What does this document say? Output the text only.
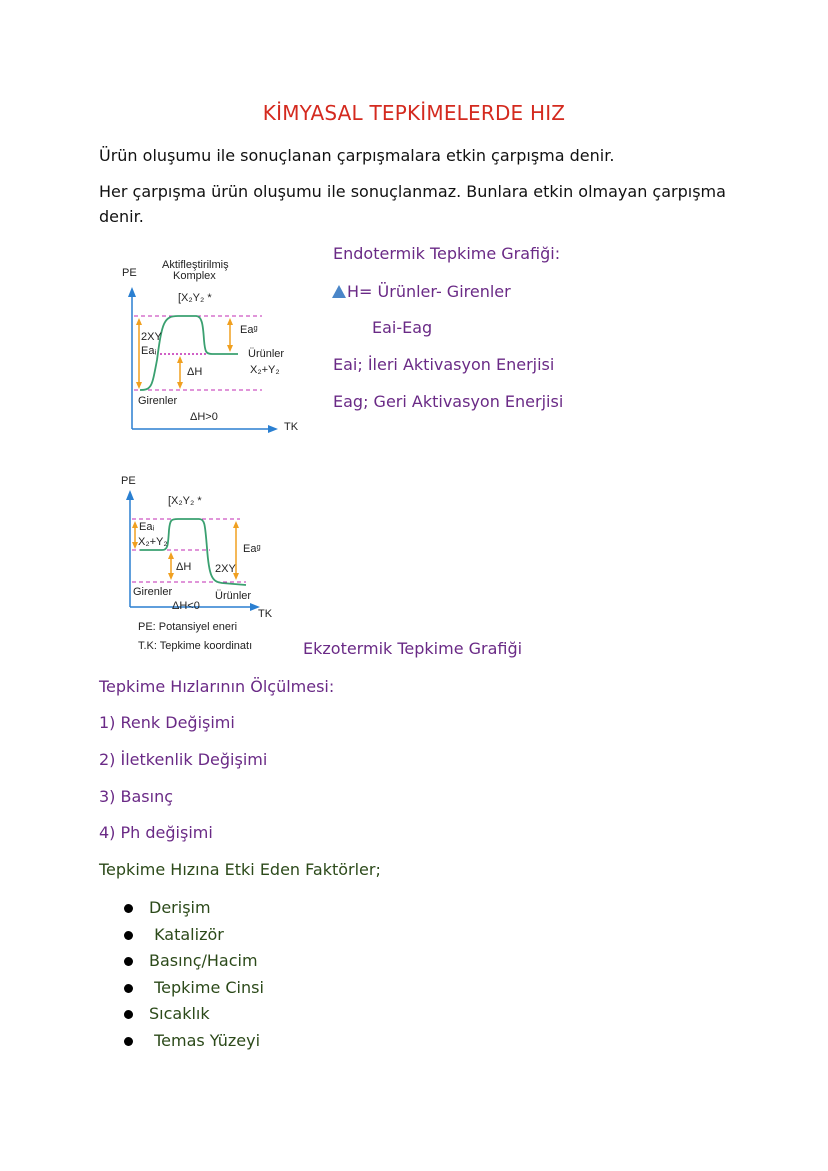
KİMYASAL TEPKİMELERDE HIZ
Ürün oluşumu ile sonuçlanan çarpışmalara etkin çarpışma denir.
Her çarpışma ürün oluşumu ile sonuçlanmaz. Bunlara etkin olmayan çarpışma
denir.
PE
Aktifleştirilmiş
Komplex
[X₂Y₂ *
2XY
Eaᵢ
Eaᵍ
Ürünler
X₂+Y₂
ΔH
Girenler
ΔH>0
TK
Endotermik Tepkime Grafiği:
H= Ürünler- Girenler
Eai-Eag
Eai; İleri Aktivasyon Enerjisi
Eag; Geri Aktivasyon Enerjisi
PE
[X₂Y₂ *
Eaᵢ
X₂+Y₂
Eaᵍ
ΔH 2XY
Girenler	Ürünler
ΔH<0
TK
PE: Potansiyel eneri
T.K: Tepkime koordinatı	Ekzotermik Tepkime Grafiği
Tepkime Hızlarının Ölçülmesi:
1) Renk Değişimi
2) İletkenlik Değişimi
3) Basınç
4) Ph değişimi
Tepkime Hızına Etki Eden Faktörler;
Derişim
Katalizör
Basınç/Hacim
Tepkime Cinsi
Sıcaklık
Temas Yüzeyi
